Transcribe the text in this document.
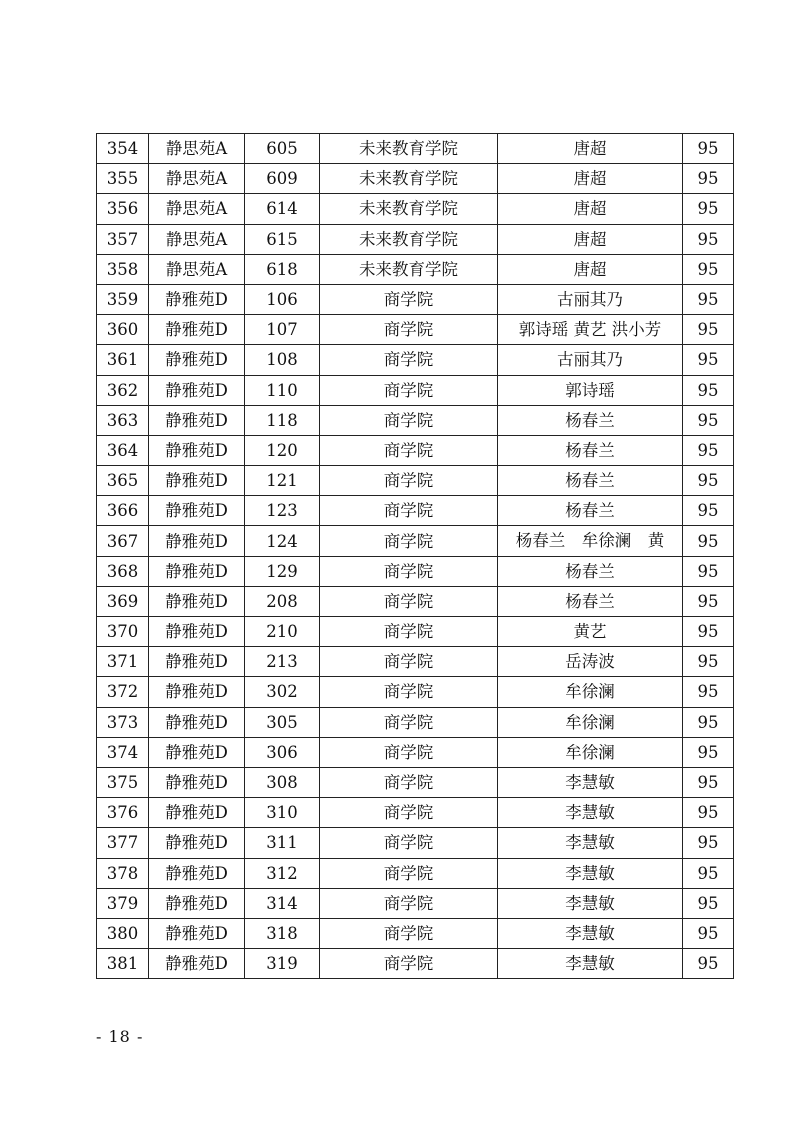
354	静思苑A	605	未来教育学院	唐超	95
355	静思苑A	609	未来教育学院	唐超	95
356	静思苑A	614	未来教育学院	唐超	95
357	静思苑A	615	未来教育学院	唐超	95
358	静思苑A	618	未来教育学院	唐超	95
359	静雅苑D	106	商学院	古丽其乃	95
360	静雅苑D	107	商学院	郭诗瑶 黄艺 洪小芳	95
361	静雅苑D	108	商学院	古丽其乃	95
362	静雅苑D	110	商学院	郭诗瑶	95
363	静雅苑D	118	商学院	杨春兰	95
364	静雅苑D	120	商学院	杨春兰	95
365	静雅苑D	121	商学院	杨春兰	95
366	静雅苑D	123	商学院	杨春兰	95
367	静雅苑D	124	商学院	杨春兰　牟徐澜　黄	95
368	静雅苑D	129	商学院	杨春兰	95
369	静雅苑D	208	商学院	杨春兰	95
370	静雅苑D	210	商学院	黄艺	95
371	静雅苑D	213	商学院	岳涛波	95
372	静雅苑D	302	商学院	牟徐澜	95
373	静雅苑D	305	商学院	牟徐澜	95
374	静雅苑D	306	商学院	牟徐澜	95
375	静雅苑D	308	商学院	李慧敏	95
376	静雅苑D	310	商学院	李慧敏	95
377	静雅苑D	311	商学院	李慧敏	95
378	静雅苑D	312	商学院	李慧敏	95
379	静雅苑D	314	商学院	李慧敏	95
380	静雅苑D	318	商学院	李慧敏	95
381	静雅苑D	319	商学院	李慧敏	95
- 18 -
